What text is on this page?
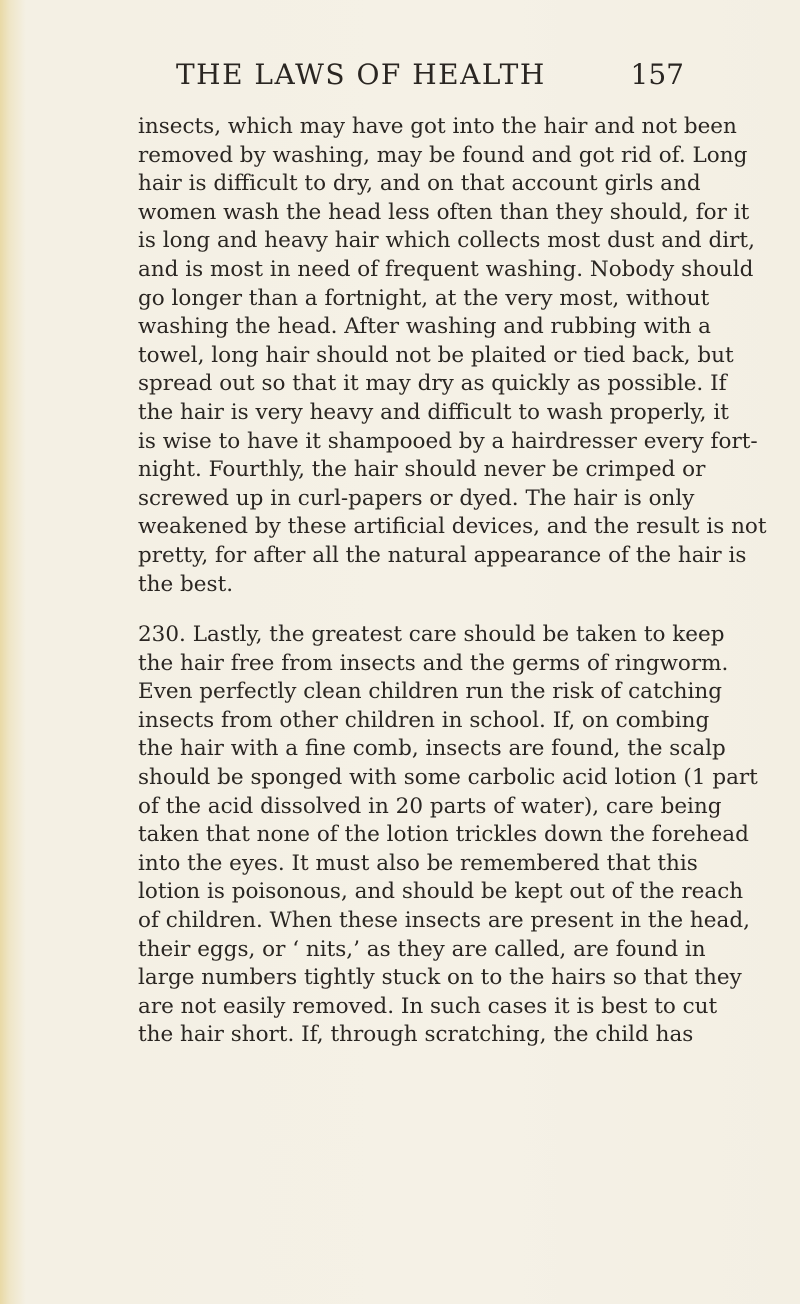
THE LAWS OF HEALTH	157
insects, which may have got into the hair and not been
removed by washing, may be found and got rid of. Long
hair is difficult to dry, and on that account girls and
women wash the head less often than they should, for it
is long and heavy hair which collects most dust and dirt,
and is most in need of frequent washing. Nobody should
go longer than a fortnight, at the very most, without
washing the head. After washing and rubbing with a
towel, long hair should not be plaited or tied back, but
spread out so that it may dry as quickly as possible. If
the hair is very heavy and difficult to wash properly, it
is wise to have it shampooed by a hairdresser every fort-
night. Fourthly, the hair should never be crimped or
screwed up in curl-papers or dyed. The hair is only
weakened by these artificial devices, and the result is not
pretty, for after all the natural appearance of the hair is
the best.
230. Lastly, the greatest care should be taken to keep
the hair free from insects and the germs of ringworm.
Even perfectly clean children run the risk of catching
insects from other children in school. If, on combing
the hair with a fine comb, insects are found, the scalp
should be sponged with some carbolic acid lotion (1 part
of the acid dissolved in 20 parts of water), care being
taken that none of the lotion trickles down the forehead
into the eyes. It must also be remembered that this
lotion is poisonous, and should be kept out of the reach
of children. When these insects are present in the head,
their eggs, or ‘ nits,’ as they are called, are found in
large numbers tightly stuck on to the hairs so that they
are not easily removed. In such cases it is best to cut
the hair short. If, through scratching, the child has
